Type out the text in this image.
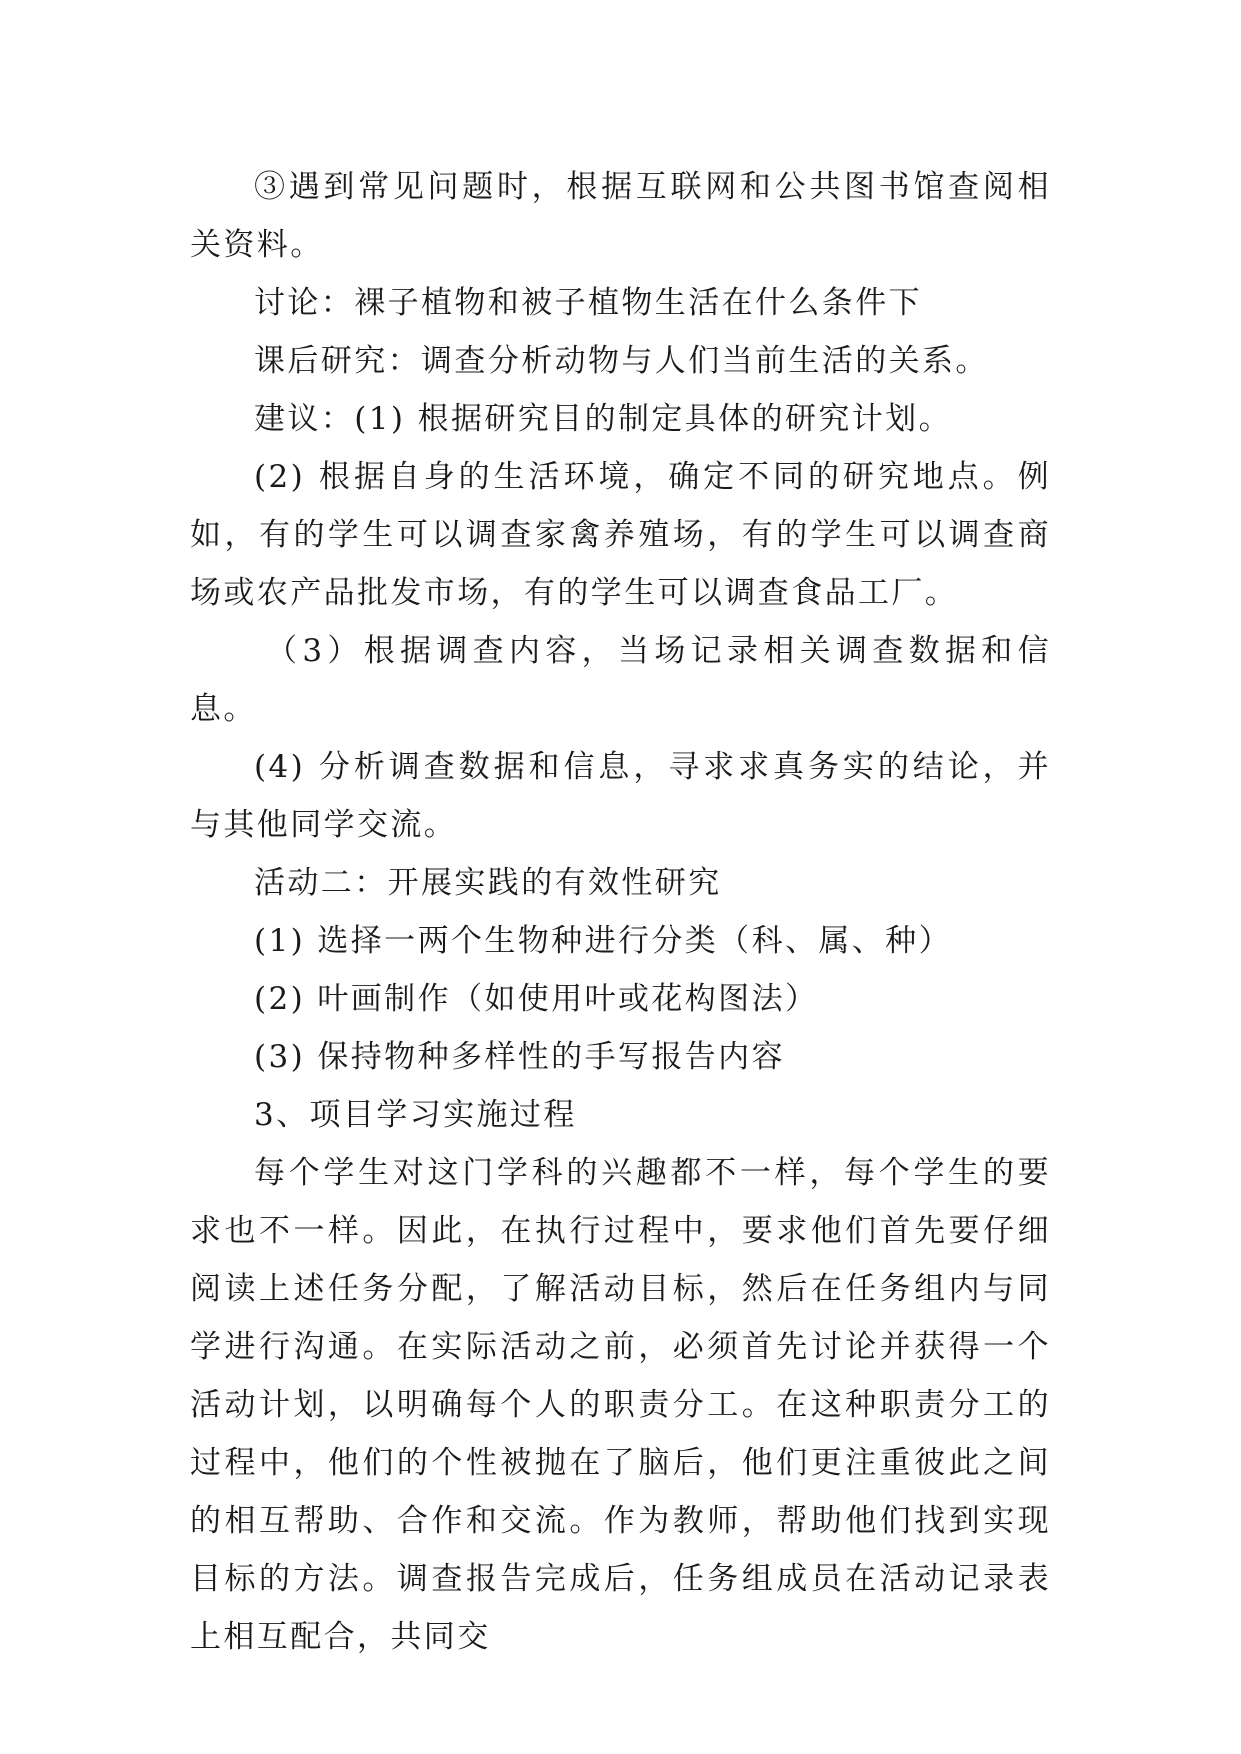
③遇到常见问题时，根据互联网和公共图书馆查阅相关资料。

讨论：裸子植物和被子植物生活在什么条件下

课后研究：调查分析动物与人们当前生活的关系。

建议：(1) 根据研究目的制定具体的研究计划。

(2) 根据自身的生活环境，确定不同的研究地点。例如，有的学生可以调查家禽养殖场，有的学生可以调查商场或农产品批发市场，有的学生可以调查食品工厂。

（3）根据调查内容，当场记录相关调查数据和信息。

(4) 分析调查数据和信息，寻求求真务实的结论，并与其他同学交流。

活动二：开展实践的有效性研究

(1) 选择一两个生物种进行分类（科、属、种）

(2) 叶画制作（如使用叶或花构图法）

(3) 保持物种多样性的手写报告内容

3、项目学习实施过程

每个学生对这门学科的兴趣都不一样，每个学生的要求也不一样。因此，在执行过程中，要求他们首先要仔细阅读上述任务分配，了解活动目标，然后在任务组内与同学进行沟通。在实际活动之前，必须首先讨论并获得一个活动计划，以明确每个人的职责分工。在这种职责分工的过程中，他们的个性被抛在了脑后，他们更注重彼此之间的相互帮助、合作和交流。作为教师，帮助他们找到实现目标的方法。调查报告完成后，任务组成员在活动记录表上相互配合，共同交
